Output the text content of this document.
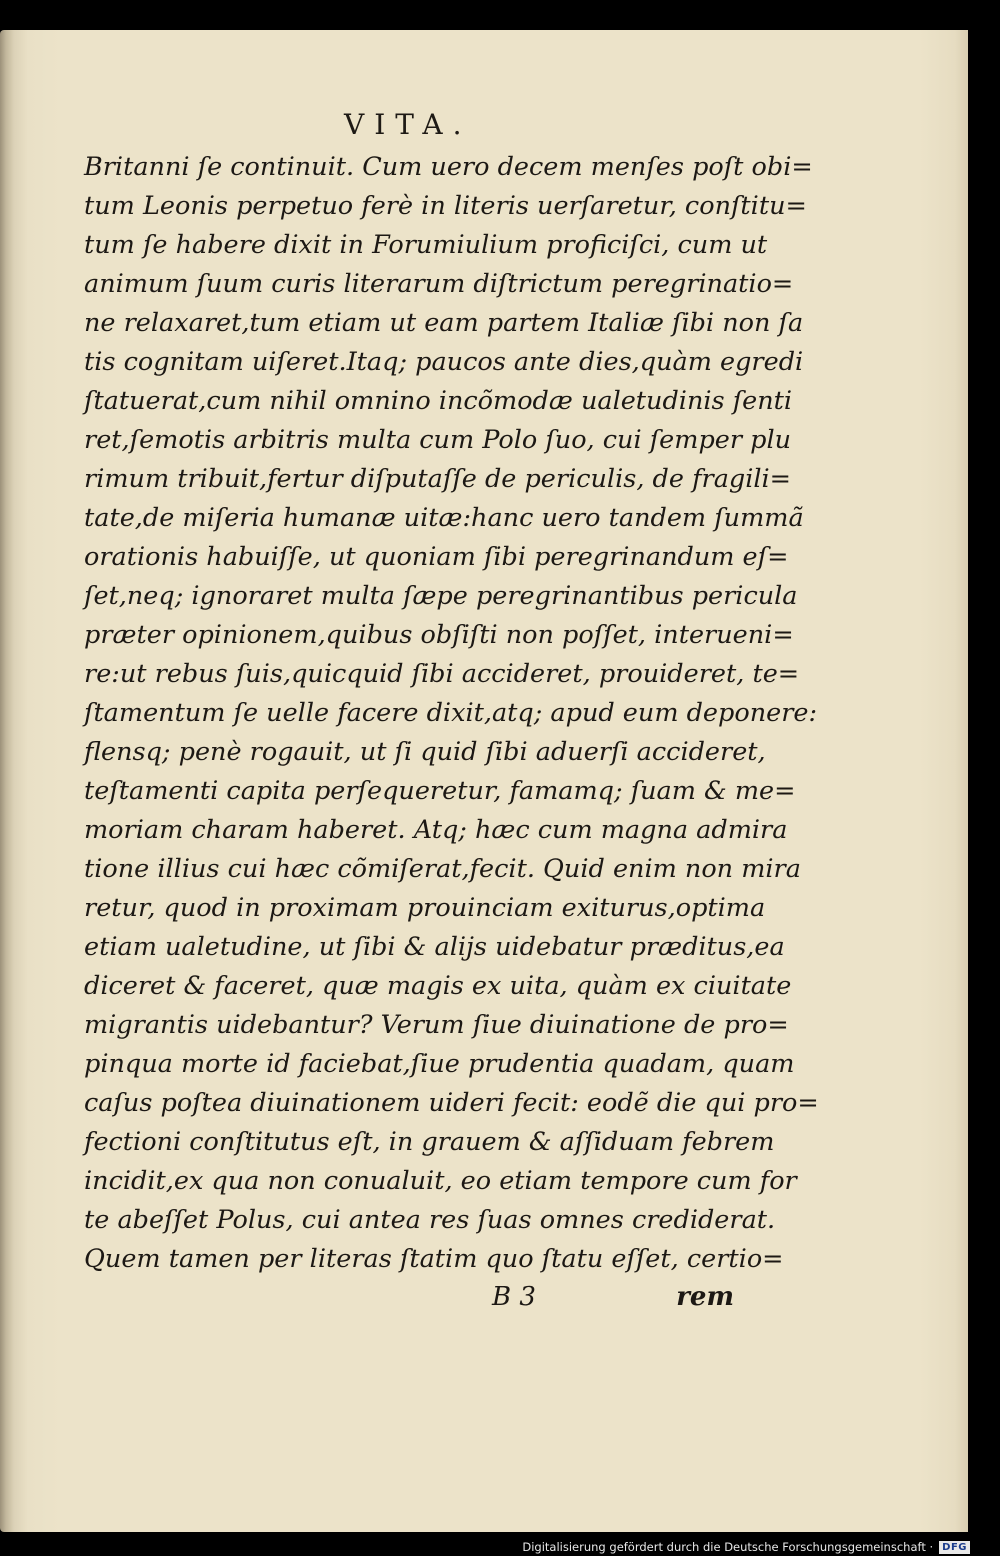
VITA.
Britanni ſe continuit. Cum uero decem menſes poſt obi=
tum Leonis perpetuo ferè in literis uerſaretur, conſtitu=
tum ſe habere dixit in Forumiulium proficiſci, cum ut
animum ſuum curis literarum diſtrictum peregrinatio=
ne relaxaret,tum etiam ut eam partem Italiæ ſibi non ſa
tis cognitam uiſeret.Itaq; paucos ante dies,quàm egredi
ſtatuerat,cum nihil omnino incõmodæ ualetudinis ſenti
ret,ſemotis arbitris multa cum Polo ſuo, cui ſemper plu
rimum tribuit,fertur diſputaſſe de periculis, de fragili=
tate,de miſeria humanæ uitæ:hanc uero tandem ſummã
orationis habuiſſe, ut quoniam ſibi peregrinandum eſ=
ſet,neq; ignoraret multa ſæpe peregrinantibus pericula
præter opinionem,quibus obſiſti non poſſet, interueni=
re:ut rebus ſuis,quicquid ſibi accideret, prouideret, te=
ſtamentum ſe uelle facere dixit,atq; apud eum deponere:
flensq; penè rogauit, ut ſi quid ſibi aduerſi accideret,
teſtamenti capita perſequeretur, famamq; ſuam & me=
moriam charam haberet. Atq; hæc cum magna admira
tione illius cui hæc cõmiſerat,fecit. Quid enim non mira
retur, quod in proximam prouinciam exiturus,optima
etiam ualetudine, ut ſibi & alijs uidebatur præditus,ea
diceret & faceret, quæ magis ex uita, quàm ex ciuitate
migrantis uidebantur? Verum ſiue diuinatione de pro=
pinqua morte id faciebat,ſiue prudentia quadam, quam
caſus poſtea diuinationem uideri fecit: eodẽ die qui pro=
fectioni conſtitutus eſt, in grauem & aſſiduam febrem
incidit,ex qua non conualuit, eo etiam tempore cum for
te abeſſet Polus, cui antea res ſuas omnes crediderat.
Quem tamen per literas ſtatim quo ſtatu eſſet, certio=
B 3	rem
Digitalisierung gefördert durch die Deutsche Forschungsgemeinschaft · DFG
